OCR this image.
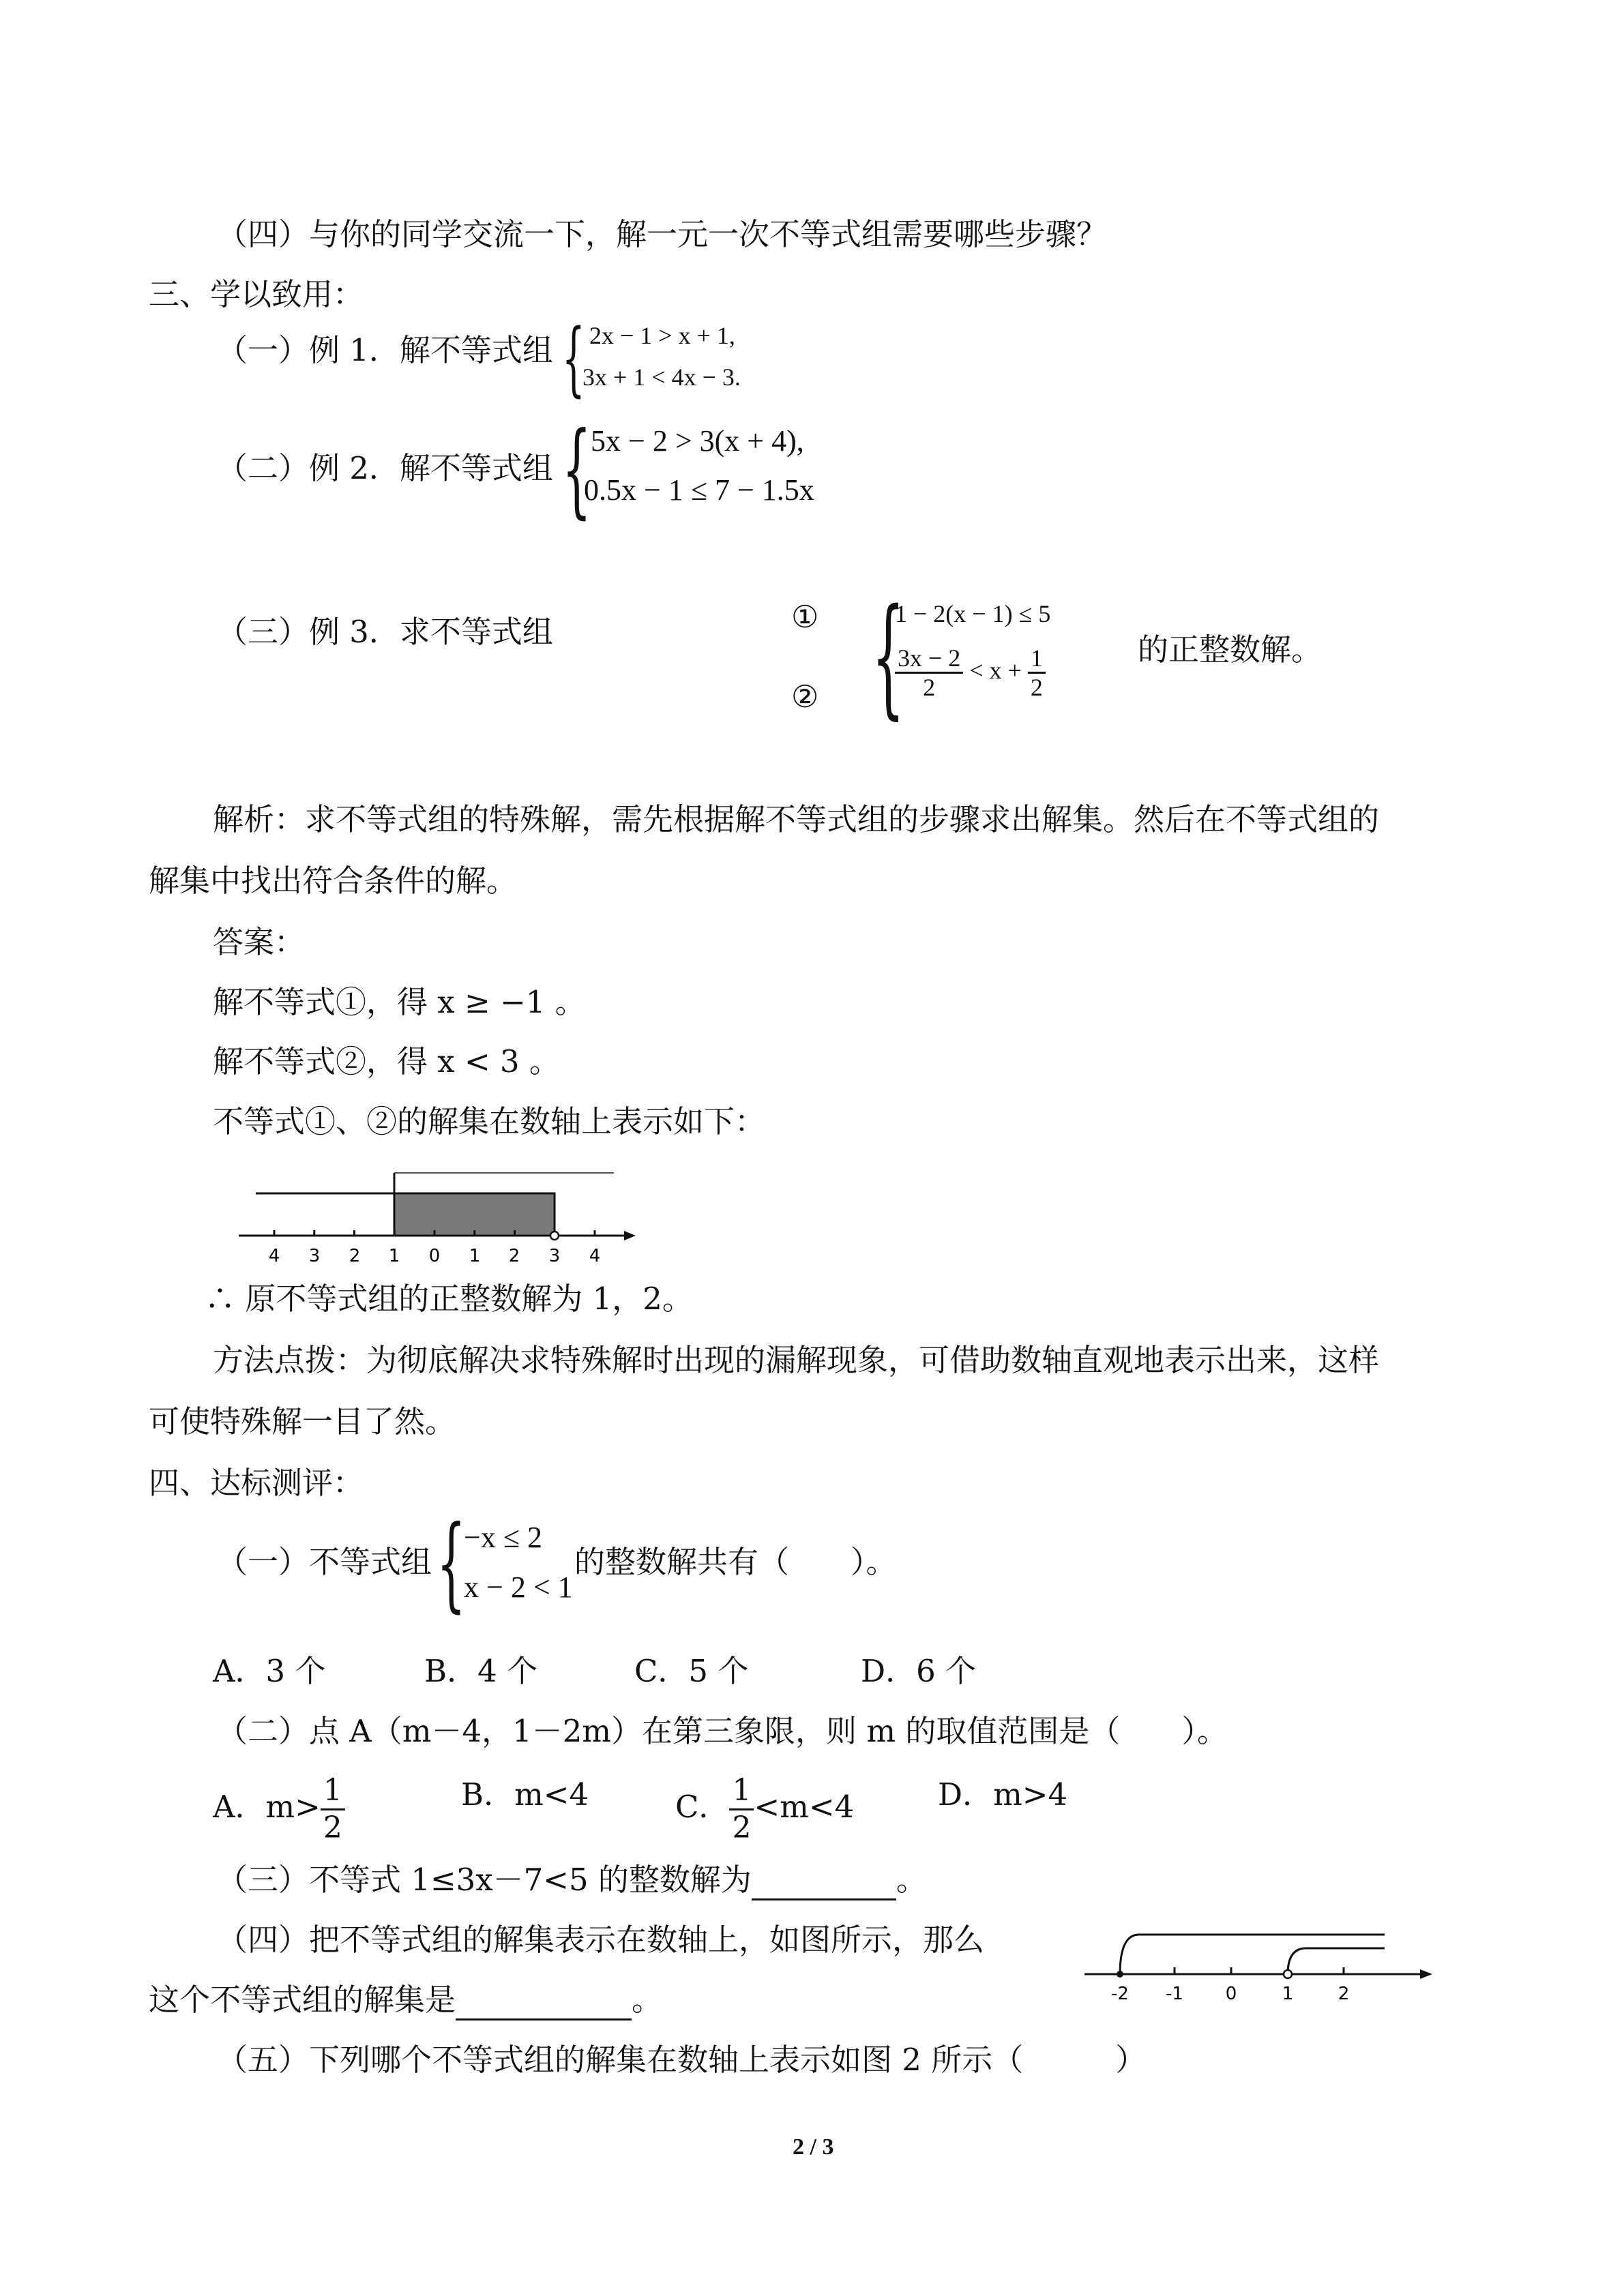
（四）与你的同学交流一下，解一元一次不等式组需要哪些步骤？
三、学以致用：
（一）例 1．解不等式组 { 2x − 1 > x + 1,
3x + 1 < 4x − 3.
（二）例 2．解不等式组 { 5x − 2 > 3(x + 4),
0.5x − 1 ≤ 7 − 1.5x
（三）例 3．求不等式组	①
② {
1 − 2(x − 1) ≤ 5
$\frac{3x - 2}{2} < x + \frac{1}{2}$	的正整数解。
解析：求不等式组的特殊解，需先根据解不等式组的步骤求出解集。然后在不等式组的
解集中找出符合条件的解。
答案：
解不等式①，得 x ≥ −1 。
解不等式②，得 x < 3 。
不等式①、②的解集在数轴上表示如下：
4 3 2 1 0 1 2 3 4
∴ 原不等式组的正整数解为 1，2。
方法点拨：为彻底解决求特殊解时出现的漏解现象，可借助数轴直观地表示出来，这样
可使特殊解一目了然。
四、达标测评：
（一）不等式组 {
−x ≤ 2
x − 2 < 1
的整数解共有（　　）。
A．3 个	B．4 个	C．5 个	D．6 个
（二）点 A（m－4，1－2m）在第三象限，则 m 的取值范围是（　　）。
A．$m> \frac{1}{2}$	B．m<4	C． $\frac{1}{2} <m<4$	D．m>4
（三）不等式 1≤3x－7<5 的整数解为	。
（四）把不等式组的解集表示在数轴上，如图所示，那么
这个不等式组的解集是	。	-2 -1 0	1	2
（五）下列哪个不等式组的解集在数轴上表示如图 2 所示（　　　）
2 / 3
